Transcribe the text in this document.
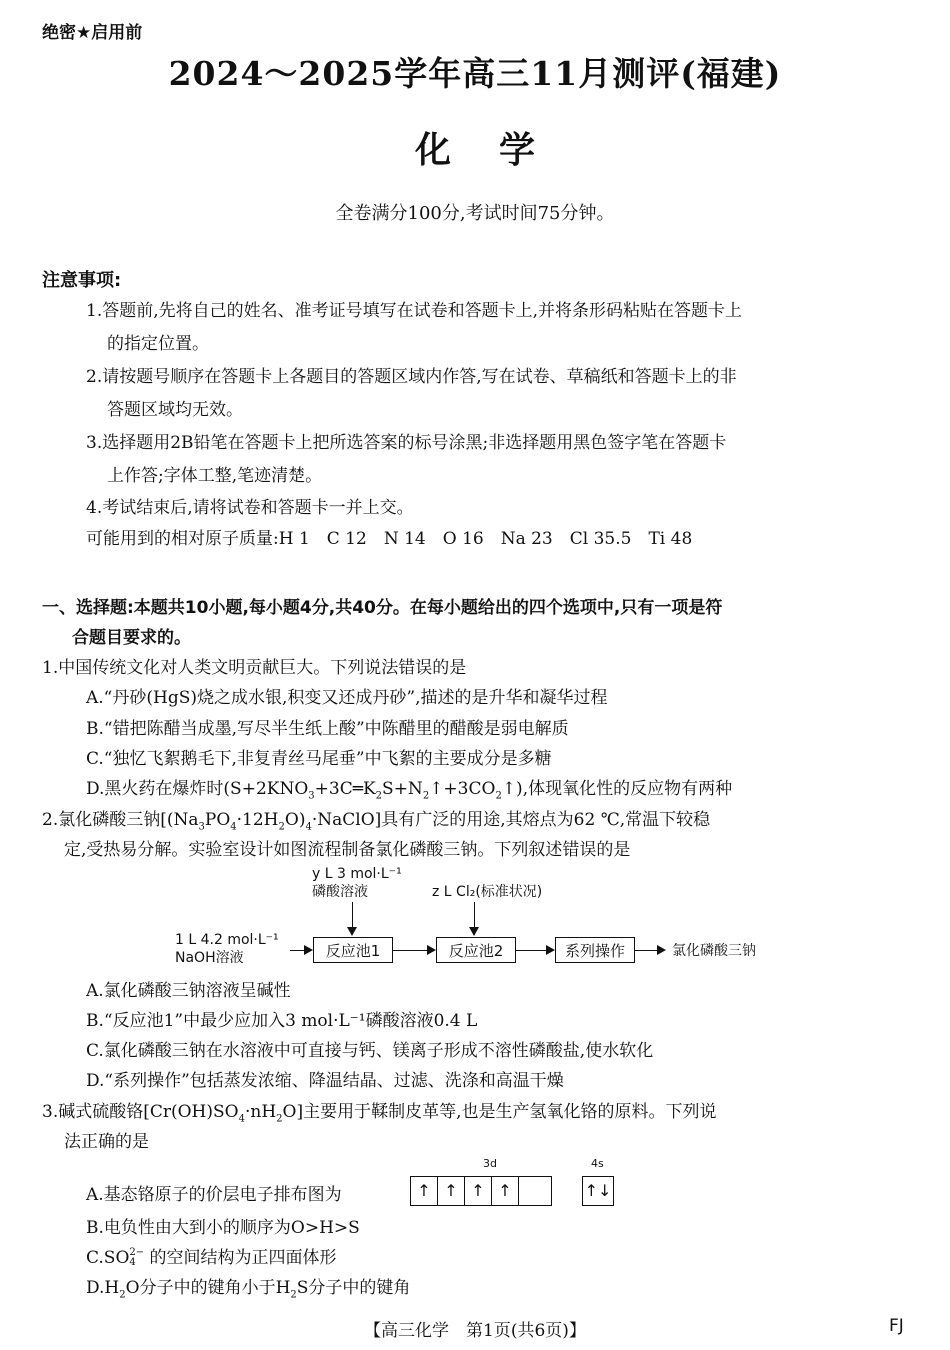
绝密★启用前
2024～2025学年高三11月测评(福建)
化学
全卷满分100分,考试时间75分钟。
注意事项:
1.答题前,先将自己的姓名、准考证号填写在试卷和答题卡上,并将条形码粘贴在答题卡上
的指定位置。
2.请按题号顺序在答题卡上各题目的答题区域内作答,写在试卷、草稿纸和答题卡上的非
答题区域均无效。
3.选择题用2B铅笔在答题卡上把所选答案的标号涂黑;非选择题用黑色签字笔在答题卡
上作答;字体工整,笔迹清楚。
4.考试结束后,请将试卷和答题卡一并上交。
可能用到的相对原子质量:H 1　C 12　N 14　O 16　Na 23　Cl 35.5　Ti 48
一、选择题:本题共10小题,每小题4分,共40分。在每小题给出的四个选项中,只有一项是符
合题目要求的。
1.中国传统文化对人类文明贡献巨大。下列说法错误的是
A.“丹砂(HgS)烧之成水银,积变又还成丹砂”,描述的是升华和凝华过程
B.“错把陈醋当成墨,写尽半生纸上酸”中陈醋里的醋酸是弱电解质
C.“独忆飞絮鹅毛下,非复青丝马尾垂”中飞絮的主要成分是多糖
D.黑火药在爆炸时$(S+2KNO_3+3C═K_2S+N_2↑+3CO_2↑)$,体现氧化性的反应物有两种
2.氯化磷酸三钠$[(Na_3PO_4\cdot 12H_2O)_4\cdot NaClO]$具有广泛的用途,其熔点为62 ℃,常温下较稳
定,受热易分解。实验室设计如图流程制备氯化磷酸三钠。下列叙述错误的是
1 L 4.2 mol·L⁻¹
NaOH溶液
y L 3 mol·L⁻¹
磷酸溶液
反应池1
z L Cl₂(标准状况)
反应池2	系列操作	氯化磷酸三钠
A.氯化磷酸三钠溶液呈碱性
B.“反应池1”中最少应加入3 mol·L⁻¹磷酸溶液0.4 L
C.氯化磷酸三钠在水溶液中可直接与钙、镁离子形成不溶性磷酸盐,使水软化
D.“系列操作”包括蒸发浓缩、降温结晶、过滤、洗涤和高温干燥
3.碱式硫酸铬$[Cr(OH)SO_4\cdot nH_2O]$主要用于鞣制皮革等,也是生产氢氧化铬的原料。下列说
法正确的是
A.基态铬原子的价层电子排布图为
3d
↑ ↑ ↑ ↑
4s
↑↓
B.电负性由大到小的顺序为O>H>S
C.SO 2−
4 的空间结构为正四面体形
$D.H_2O$分子中的键角小于$H_2S$分子中的键角
【高三化学　第1页(共6页)】	FJ
